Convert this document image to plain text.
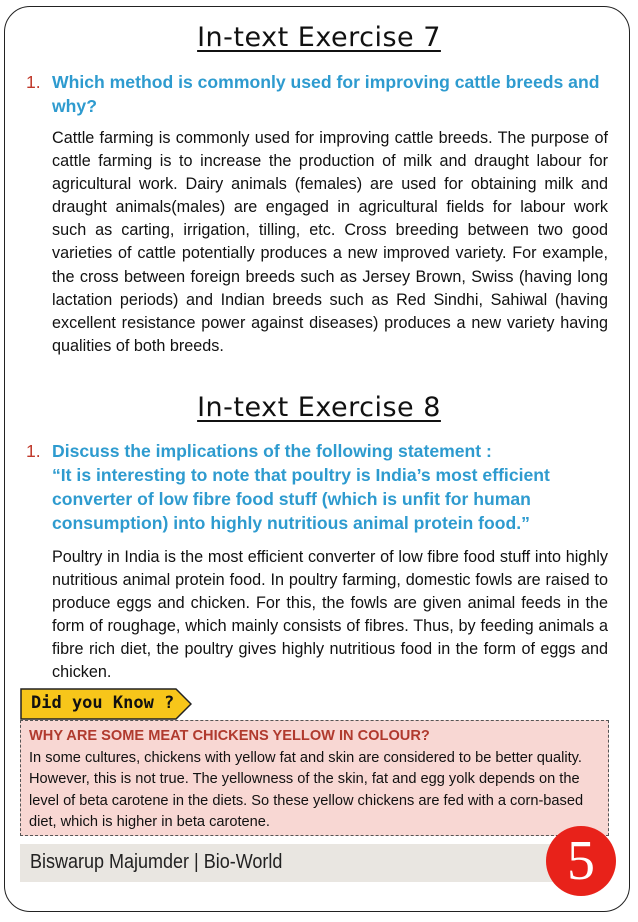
In-text Exercise 7
1. Which method is commonly used for improving cattle breeds and why?
Cattle farming is commonly used for improving cattle breeds. The purpose of cattle farming is to increase the production of milk and draught labour for agricultural work. Dairy animals (females) are used for obtaining milk and draught animals(males) are engaged in agricultural fields for labour work such as carting, irrigation, tilling, etc. Cross breeding between two good varieties of cattle potentially produces a new improved variety. For example, the cross between foreign breeds such as Jersey Brown, Swiss (having long lactation periods) and Indian breeds such as Red Sindhi, Sahiwal (having excellent resistance power against diseases) produces a new variety having qualities of both breeds.
In-text Exercise 8
1. Discuss the implications of the following statement :
“It is interesting to note that poultry is India’s most efficient converter of low fibre food stuff (which is unfit for human consumption) into highly nutritious animal protein food.”
Poultry in India is the most efficient converter of low fibre food stuff into highly nutritious animal protein food. In poultry farming, domestic fowls are raised to produce eggs and chicken. For this, the fowls are given animal feeds in the form of roughage, which mainly consists of fibres. Thus, by feeding animals a fibre rich diet, the poultry gives highly nutritious food in the form of eggs and chicken.
Did you Know ?
WHY ARE SOME MEAT CHICKENS YELLOW IN COLOUR?
In some cultures, chickens with yellow fat and skin are considered to be better quality. However, this is not true. The yellowness of the skin, fat and egg yolk depends on the level of beta carotene in the diets. So these yellow chickens are fed with a corn-based diet, which is higher in beta carotene.
Biswarup Majumder | Bio-World	5
